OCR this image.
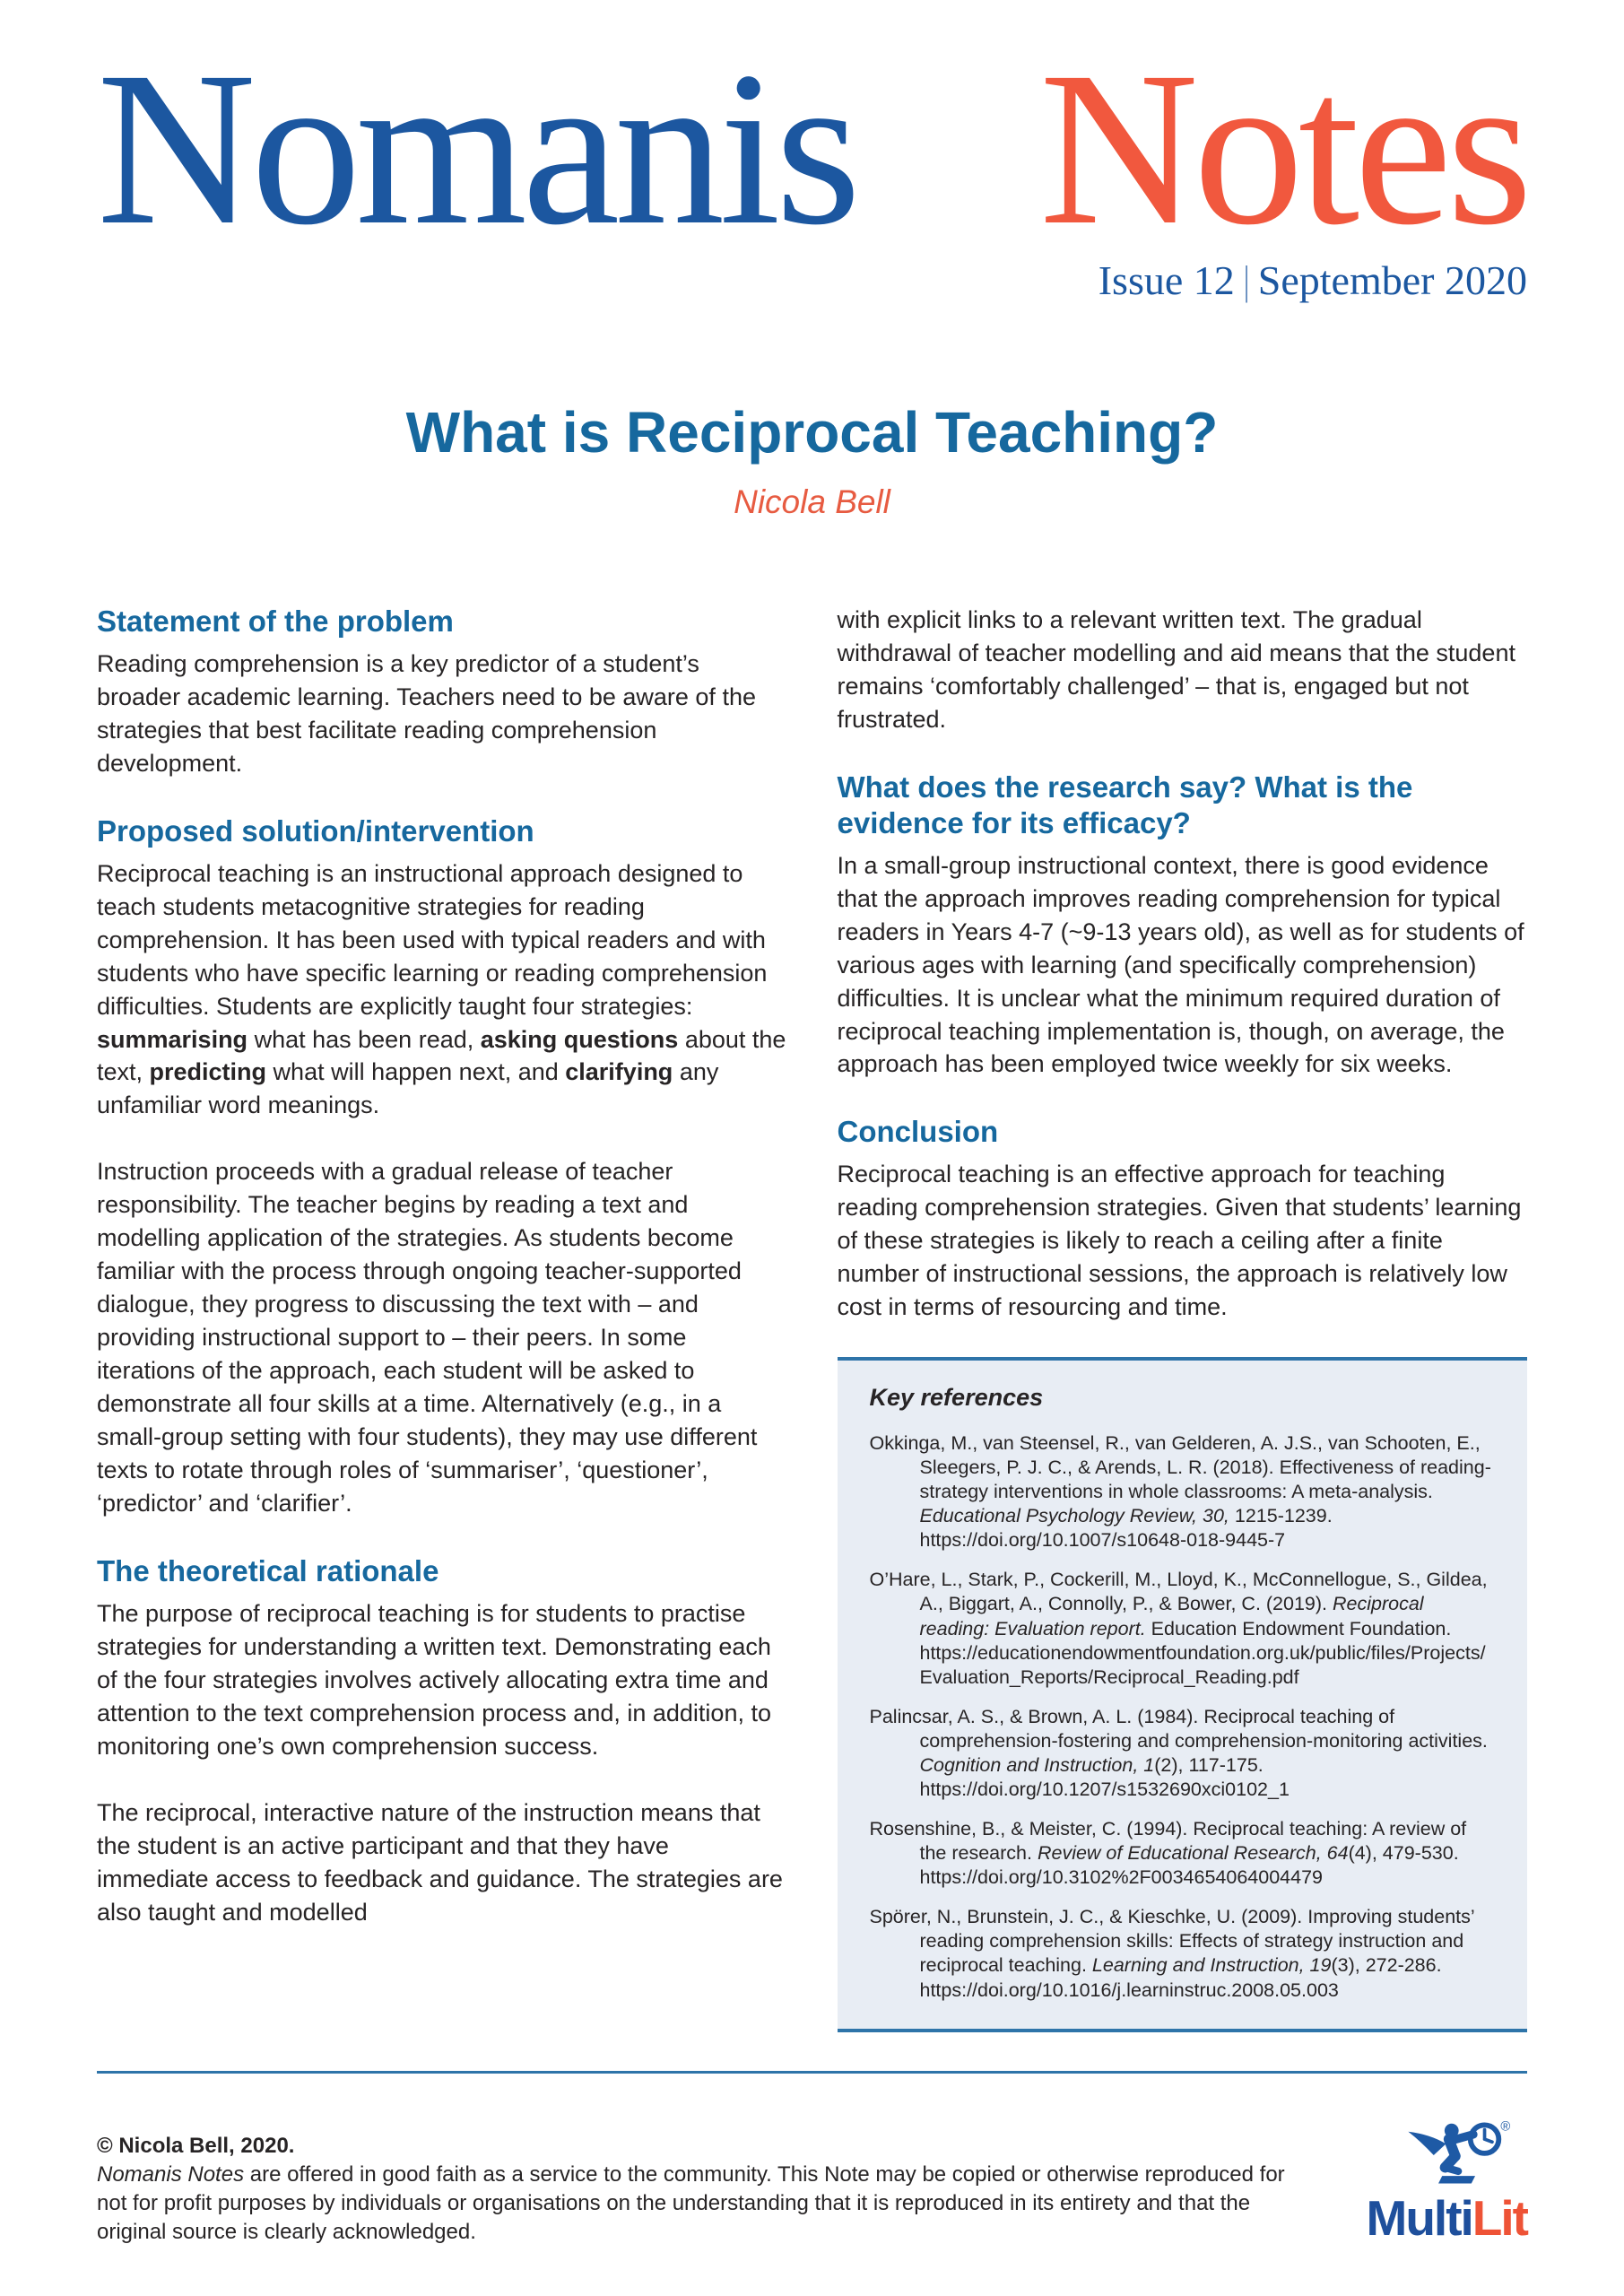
Nomanis Notes
Issue 12 | September 2020
What is Reciprocal Teaching?
Nicola Bell
Statement of the problem

Reading comprehension is a key predictor of a student’s broader academic learning. Teachers need to be aware of the strategies that best facilitate reading comprehension development.

Proposed solution/intervention

Reciprocal teaching is an instructional approach designed to teach students metacognitive strategies for reading comprehension. It has been used with typical readers and with students who have specific learning or reading comprehension difficulties. Students are explicitly taught four strategies: summarising what has been read, asking questions about the text, predicting what will happen next, and clarifying any unfamiliar word meanings.

Instruction proceeds with a gradual release of teacher responsibility. The teacher begins by reading a text and modelling application of the strategies. As students become familiar with the process through ongoing teacher-supported dialogue, they progress to discussing the text with – and providing instructional support to – their peers. In some iterations of the approach, each student will be asked to demonstrate all four skills at a time. Alternatively (e.g., in a small-group setting with four students), they may use different texts to rotate through roles of ‘summariser’, ‘questioner’, ‘predictor’ and ‘clarifier’.

The theoretical rationale

The purpose of reciprocal teaching is for students to practise strategies for understanding a written text. Demonstrating each of the four strategies involves actively allocating extra time and attention to the text comprehension process and, in addition, to monitoring one’s own comprehension success.

The reciprocal, interactive nature of the instruction means that the student is an active participant and that they have immediate access to feedback and guidance. The strategies are also taught and modelled

with explicit links to a relevant written text. The gradual withdrawal of teacher modelling and aid means that the student remains ‘comfortably challenged’ – that is, engaged but not frustrated.

What does the research say? What is the evidence for its efficacy?

In a small-group instructional context, there is good evidence that the approach improves reading comprehension for typical readers in Years 4-7 (~9-13 years old), as well as for students of various ages with learning (and specifically comprehension) difficulties. It is unclear what the minimum required duration of reciprocal teaching implementation is, though, on average, the approach has been employed twice weekly for six weeks.

Conclusion

Reciprocal teaching is an effective approach for teaching reading comprehension strategies. Given that students’ learning of these strategies is likely to reach a ceiling after a finite number of instructional sessions, the approach is relatively low cost in terms of resourcing and time.

Key references

Okkinga, M., van Steensel, R., van Gelderen, A. J.S., van Schooten, E., Sleegers, P. J. C., & Arends, L. R. (2018). Effectiveness of reading-strategy interventions in whole classrooms: A meta-analysis. Educational Psychology Review, 30, 1215-1239. https://doi.org/10.1007/s10648-018-9445-7

O’Hare, L., Stark, P., Cockerill, M., Lloyd, K., McConnellogue, S., Gildea, A., Biggart, A., Connolly, P., & Bower, C. (2019). Reciprocal reading: Evaluation report. Education Endowment Foundation. https://educationendowmentfoundation.org.uk/public/files/Projects/Evaluation_Reports/Reciprocal_Reading.pdf

Palincsar, A. S., & Brown, A. L. (1984). Reciprocal teaching of comprehension-fostering and comprehension-monitoring activities. Cognition and Instruction, 1(2), 117-175. https://doi.org/10.1207/s1532690xci0102_1

Rosenshine, B., & Meister, C. (1994). Reciprocal teaching: A review of the research. Review of Educational Research, 64(4), 479-530. https://doi.org/10.3102%2F0034654064004479

Spörer, N., Brunstein, J. C., & Kieschke, U. (2009). Improving students’ reading comprehension skills: Effects of strategy instruction and reciprocal teaching. Learning and Instruction, 19(3), 272-286. https://doi.org/10.1016/j.learninstruc.2008.05.003

© Nicola Bell, 2020.
Nomanis Notes are offered in good faith as a service to the community. This Note may be copied or otherwise reproduced for not for profit purposes by individuals or organisations on the understanding that it is reproduced in its entirety and that the original source is clearly acknowledged.
®
MultiLit
